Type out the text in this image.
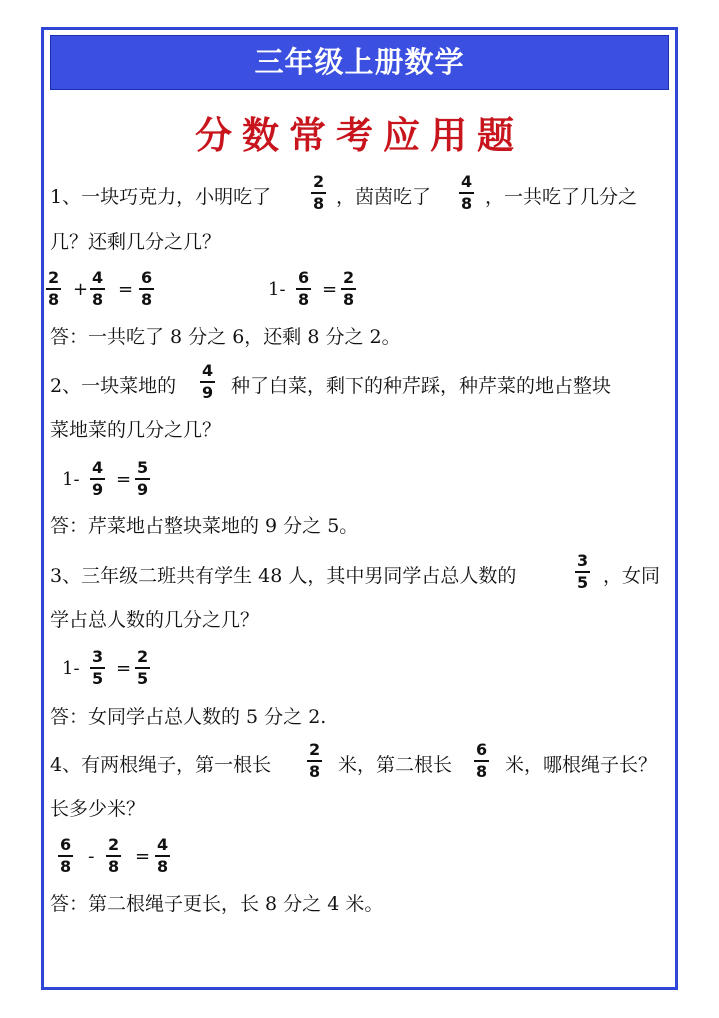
三年级上册数学
分数常考应用题
1、一块巧克力，小明吃了
2
8 ，茵茵吃了
4
8 ，一共吃了几分之
几？还剩几分之几？
2
8 +
4
8 =
6
8	1-
6
8 =
2
8
答：一共吃了 8 分之 6，还剩 8 分之 2。
2、一块菜地的
4
9 种了白菜，剩下的种芹踩，种芹菜的地占整块
菜地菜的几分之几？
1-
4
9 =
5
9
答：芹菜地占整块菜地的 9 分之 5。
3、三年级二班共有学生 48 人，其中男同学占总人数的
3
5 ，女同
学占总人数的几分之几？
1-
3
5 =
2
5
答：女同学占总人数的 5 分之 2.
4、有两根绳子，第一根长
2
8 米，第二根长
6
8 米，哪根绳子长？
长多少米？
6
8 -
2
8 =
4
8
答：第二根绳子更长，长 8 分之 4 米。
